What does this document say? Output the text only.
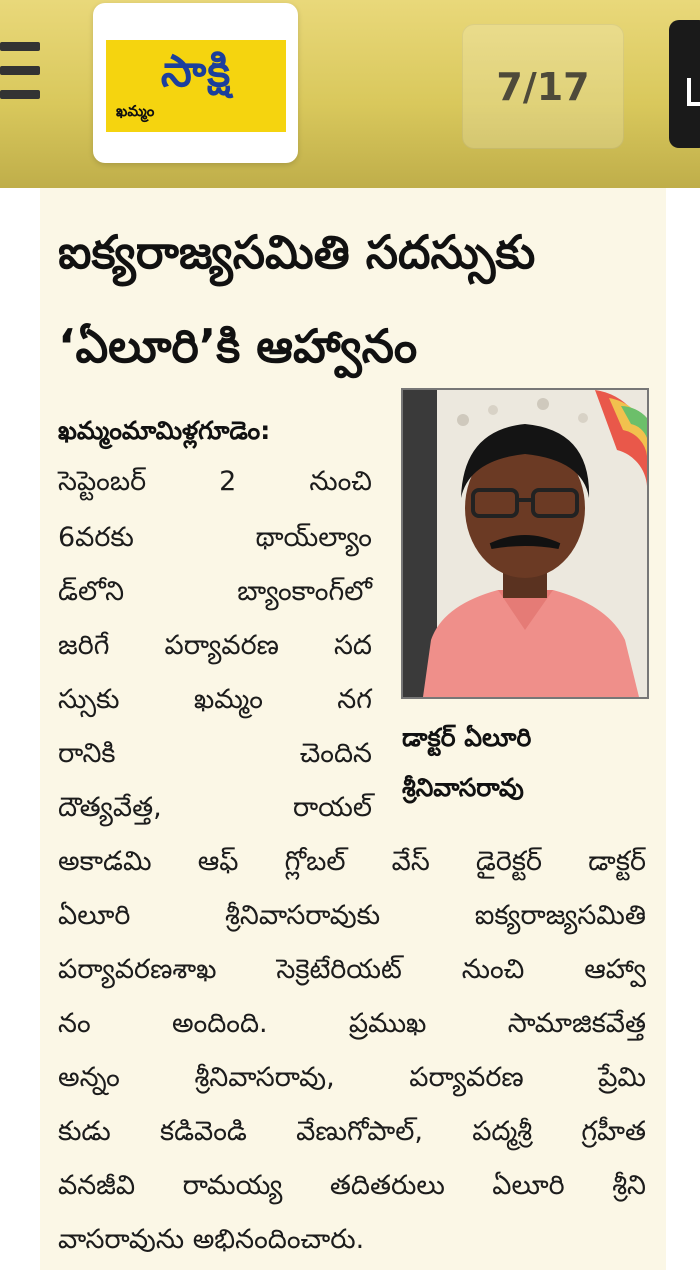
సాక్షి
ఖమ్మం
7/17
ఐక్యరాజ్యసమితి సదస్సుకు
‘ఏలూరి’కి ఆహ్వానం
ఖమ్మంమామిళ్లగూడెం:
సెప్టెంబర్ 2 నుంచి
6వరకు థాయ్‌ల్యాం
డ్‌లోని బ్యాంకాంగ్‌లో
జరిగే పర్యావరణ సద
స్సుకు ఖమ్మం నగ
రానికి చెందిన
దౌత్యవేత్త, రాయల్
అకాడమి ఆఫ్ గ్లోబల్ వేస్ డైరెక్టర్ డాక్టర్
ఏలూరి శ్రీనివాసరావుకు ఐక్యరాజ్యసమితి
పర్యావరణశాఖ సెక్రెటేరియట్ నుంచి ఆహ్వా
నం అందింది. ప్రముఖ సామాజికవేత్త
అన్నం శ్రీనివాసరావు, పర్యావరణ ప్రేమి
కుడు కడివెండి వేణుగోపాల్, పద్మశ్రీ గ్రహీత
వనజీవి రామయ్య తదితరులు ఏలూరి శ్రీని
వాసరావును అభినందించారు.
డాక్టర్ ఏలూరి
శ్రీనివాసరావు
